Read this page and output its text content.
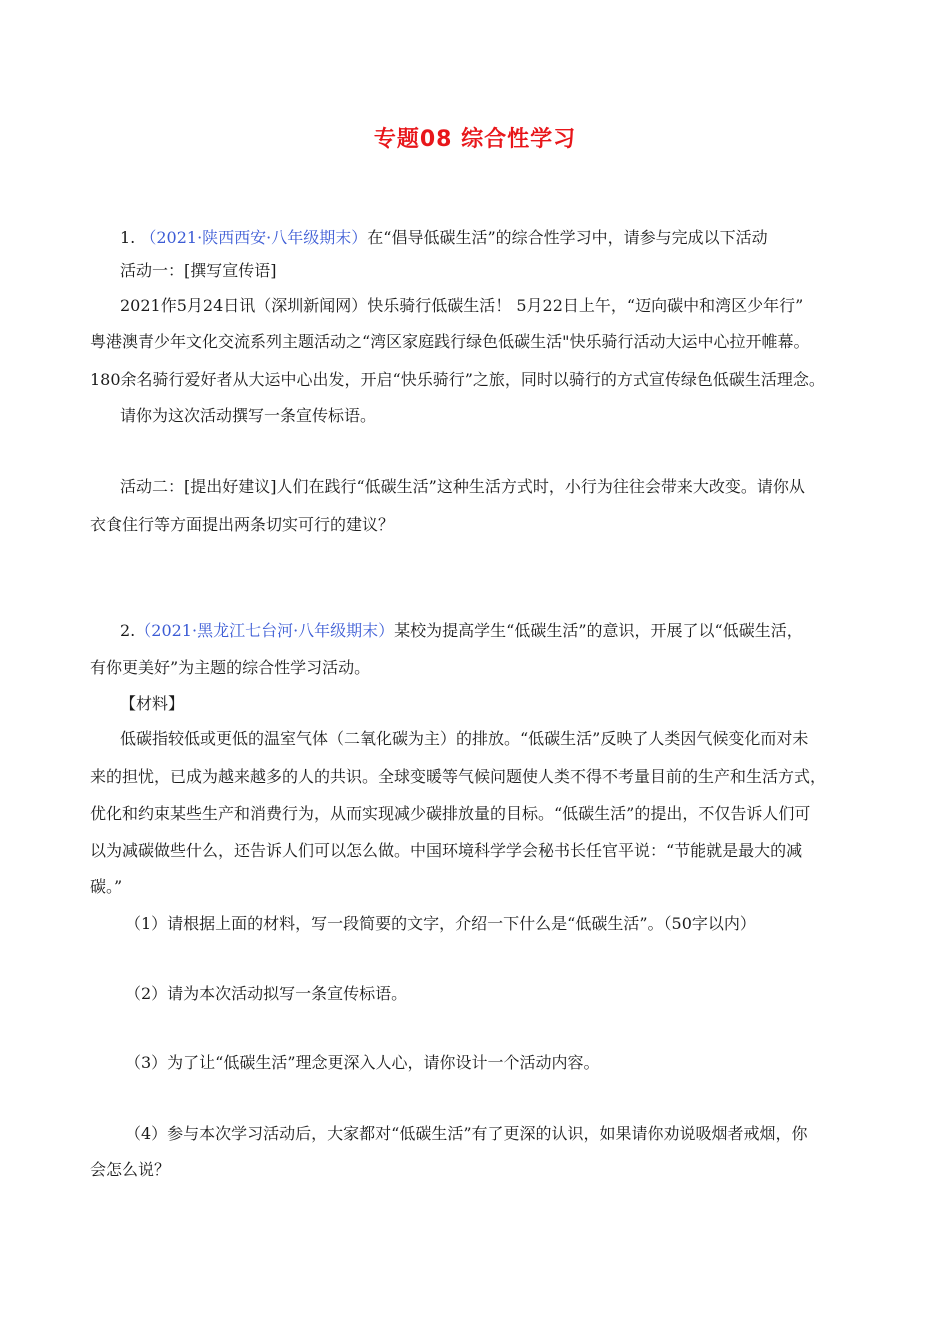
专题08 综合性学习

1. （2021·陕西西安·八年级期末）在“倡导低碳生活”的综合性学习中，请参与完成以下活动

活动一：[撰写宣传语]

2021作5月24日讯（深圳新闻网）快乐骑行低碳生活！ 5月22日上午，“迈向碳中和湾区少年行”

粤港澳青少年文化交流系列主题活动之“湾区家庭践行绿色低碳生活"快乐骑行活动大运中心拉开帷幕。

180余名骑行爱好者从大运中心出发，开启“快乐骑行”之旅，同时以骑行的方式宣传绿色低碳生活理念。

请你为这次活动撰写一条宣传标语。

活动二：[提出好建议]人们在践行“低碳生活”这种生活方式时，小行为往往会带来大改变。请你从

衣食住行等方面提出两条切实可行的建议？

2.（2021·黑龙江七台河·八年级期末）某校为提高学生“低碳生活”的意识，开展了以“低碳生活，

有你更美好”为主题的综合性学习活动。

【材料】

低碳指较低或更低的温室气体（二氧化碳为主）的排放。“低碳生活”反映了人类因气候变化而对未

来的担忧，已成为越来越多的人的共识。全球变暖等气候问题使人类不得不考量目前的生产和生活方式，

优化和约束某些生产和消费行为，从而实现减少碳排放量的目标。“低碳生活”的提出，不仅告诉人们可

以为减碳做些什么，还告诉人们可以怎么做。中国环境科学学会秘书长任官平说：“节能就是最大的减

碳。”

（1）请根据上面的材料，写一段简要的文字，介绍一下什么是“低碳生活”。（50字以内）

（2）请为本次活动拟写一条宣传标语。

（3）为了让“低碳生活”理念更深入人心，请你设计一个活动内容。

（4）参与本次学习活动后，大家都对“低碳生活”有了更深的认识，如果请你劝说吸烟者戒烟，你

会怎么说？
